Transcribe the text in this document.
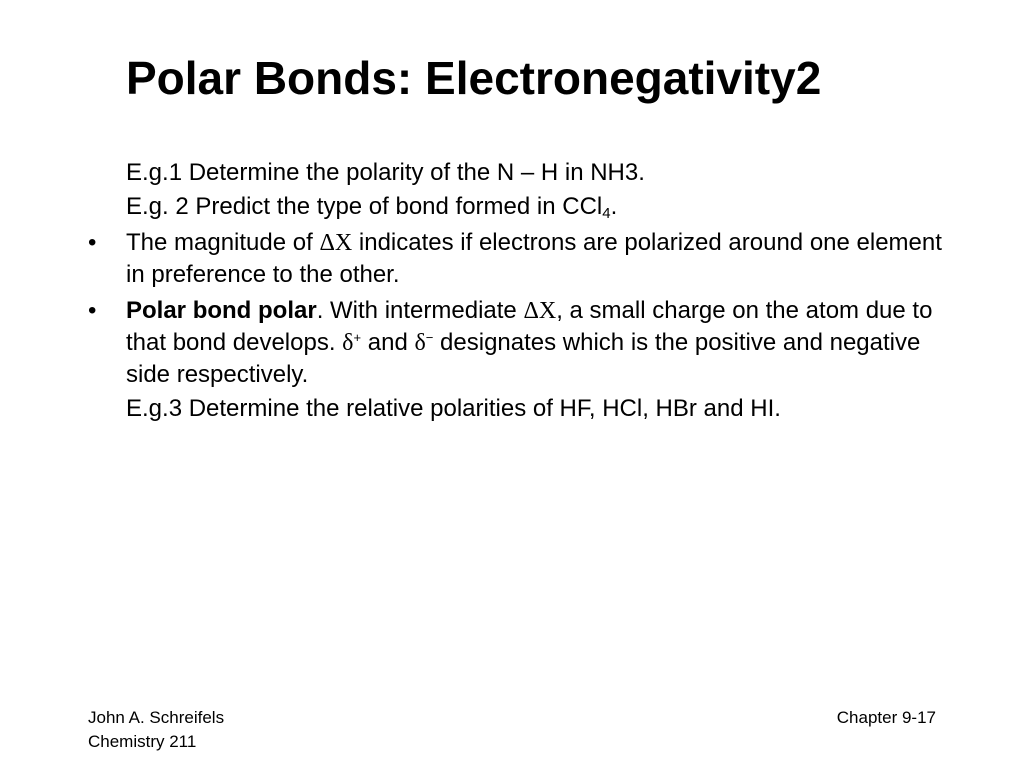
Polar Bonds: Electronegativity2

E.g.1 Determine the polarity of the N – H in NH3.

E.g. 2 Predict the type of bond formed in CCl$_4$.

•	The magnitude of ΔX indicates if electrons are polarized around one element in preference to the other.

•	Polar bond polar. With intermediate ΔX, a small charge on the atom due to that bond develops. δ+ and δ− designates which is the positive and negative side respectively.

E.g.3 Determine the relative polarities of HF, HCl, HBr and HI.

John A. Schreifels
Chemistry 211
Chapter 9-17
